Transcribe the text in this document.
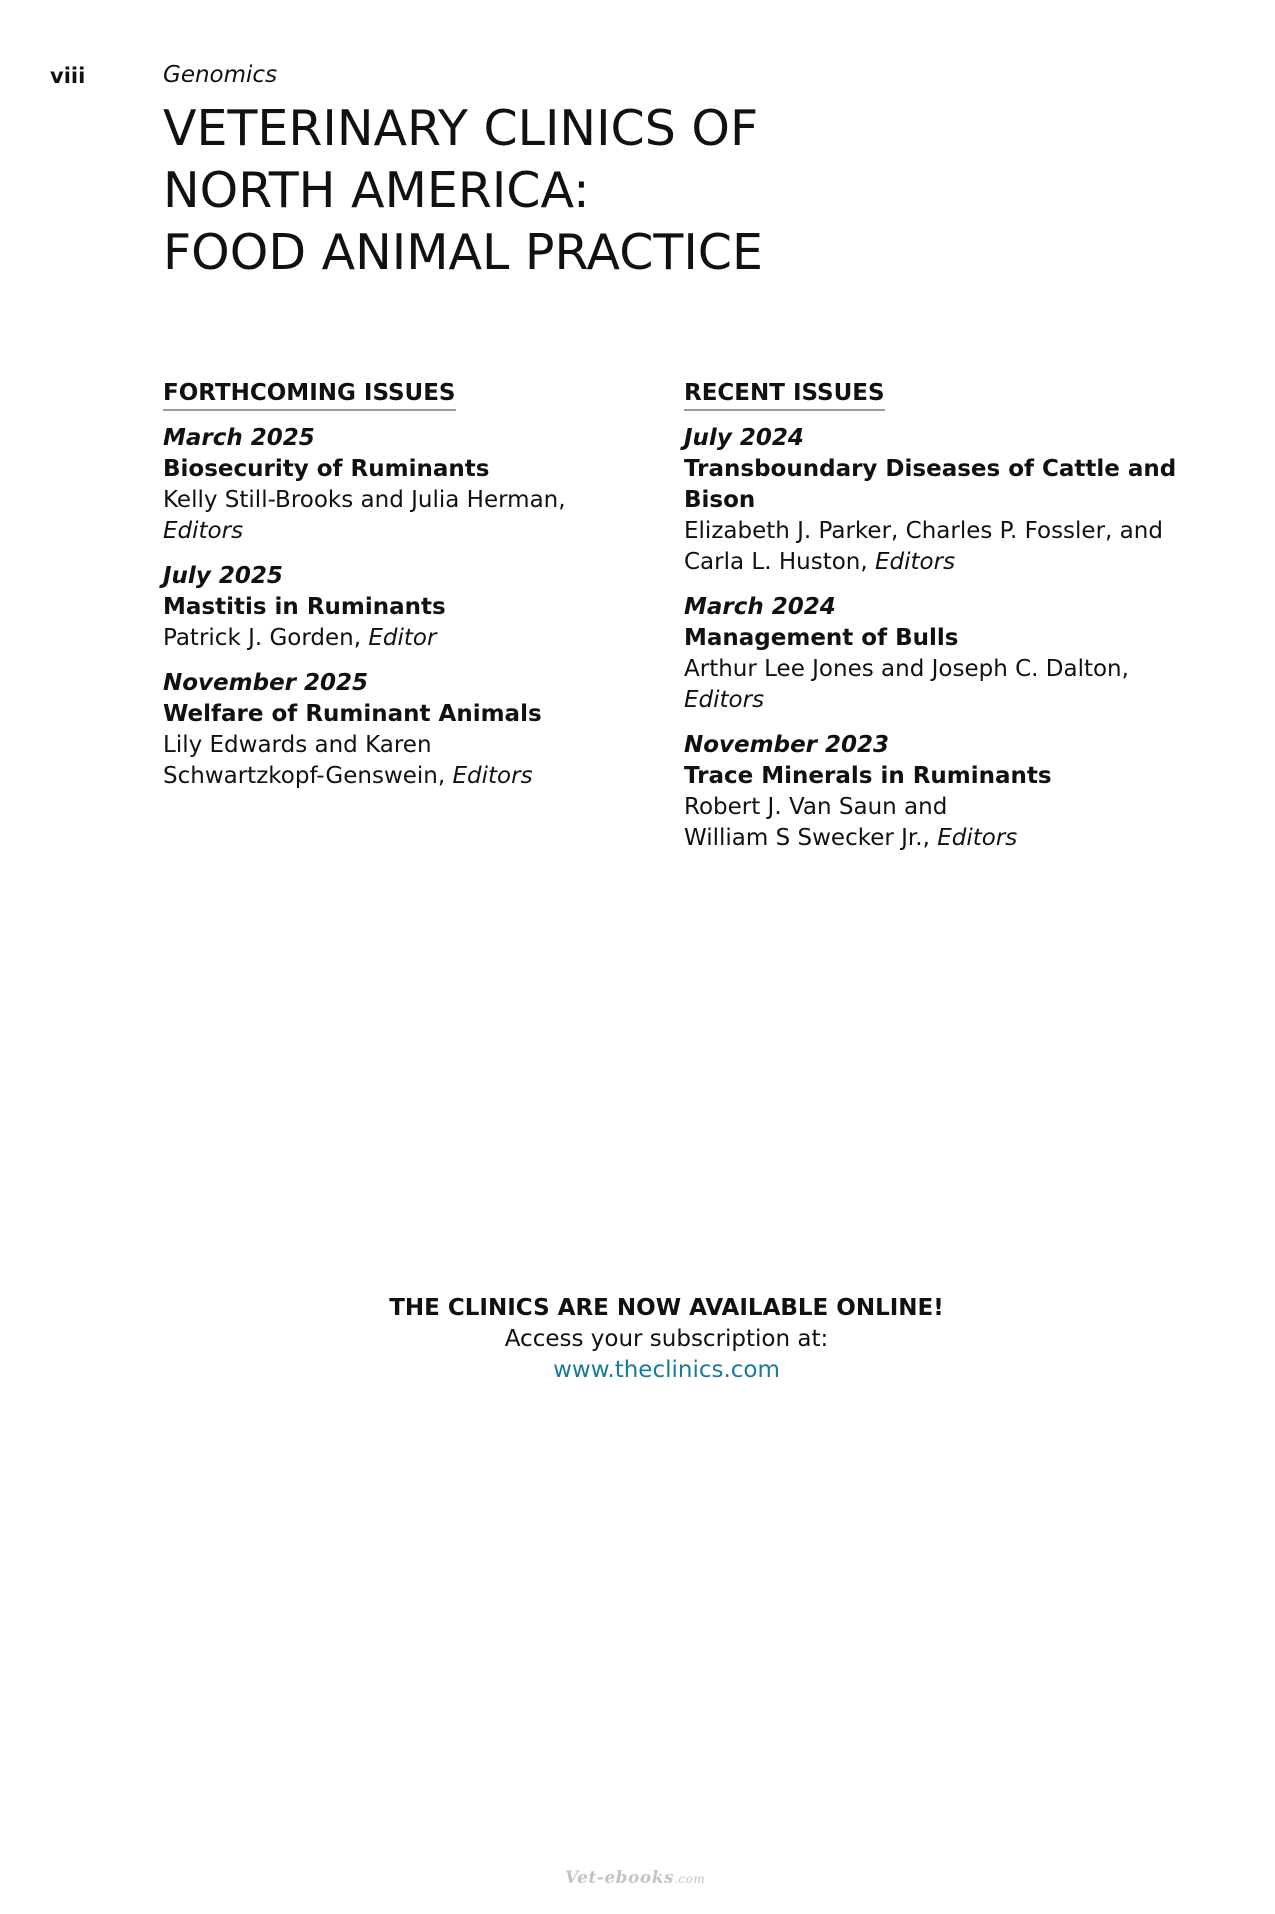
viii	Genomics
VETERINARY CLINICS OF
NORTH AMERICA:
FOOD ANIMAL PRACTICE
FORTHCOMING ISSUES
March 2025
Biosecurity of Ruminants
Kelly Still-Brooks and Julia Herman,
Editors
July 2025
Mastitis in Ruminants
Patrick J. Gorden, Editor
November 2025
Welfare of Ruminant Animals
Lily Edwards and Karen
Schwartzkopf-Genswein, Editors
RECENT ISSUES
July 2024
Transboundary Diseases of Cattle and
Bison
Elizabeth J. Parker, Charles P. Fossler, and
Carla L. Huston, Editors
March 2024
Management of Bulls
Arthur Lee Jones and Joseph C. Dalton,
Editors
November 2023
Trace Minerals in Ruminants
Robert J. Van Saun and
William S Swecker Jr., Editors
THE CLINICS ARE NOW AVAILABLE ONLINE!
Access your subscription at:
www.theclinics.com
Vet-ebooks.com
